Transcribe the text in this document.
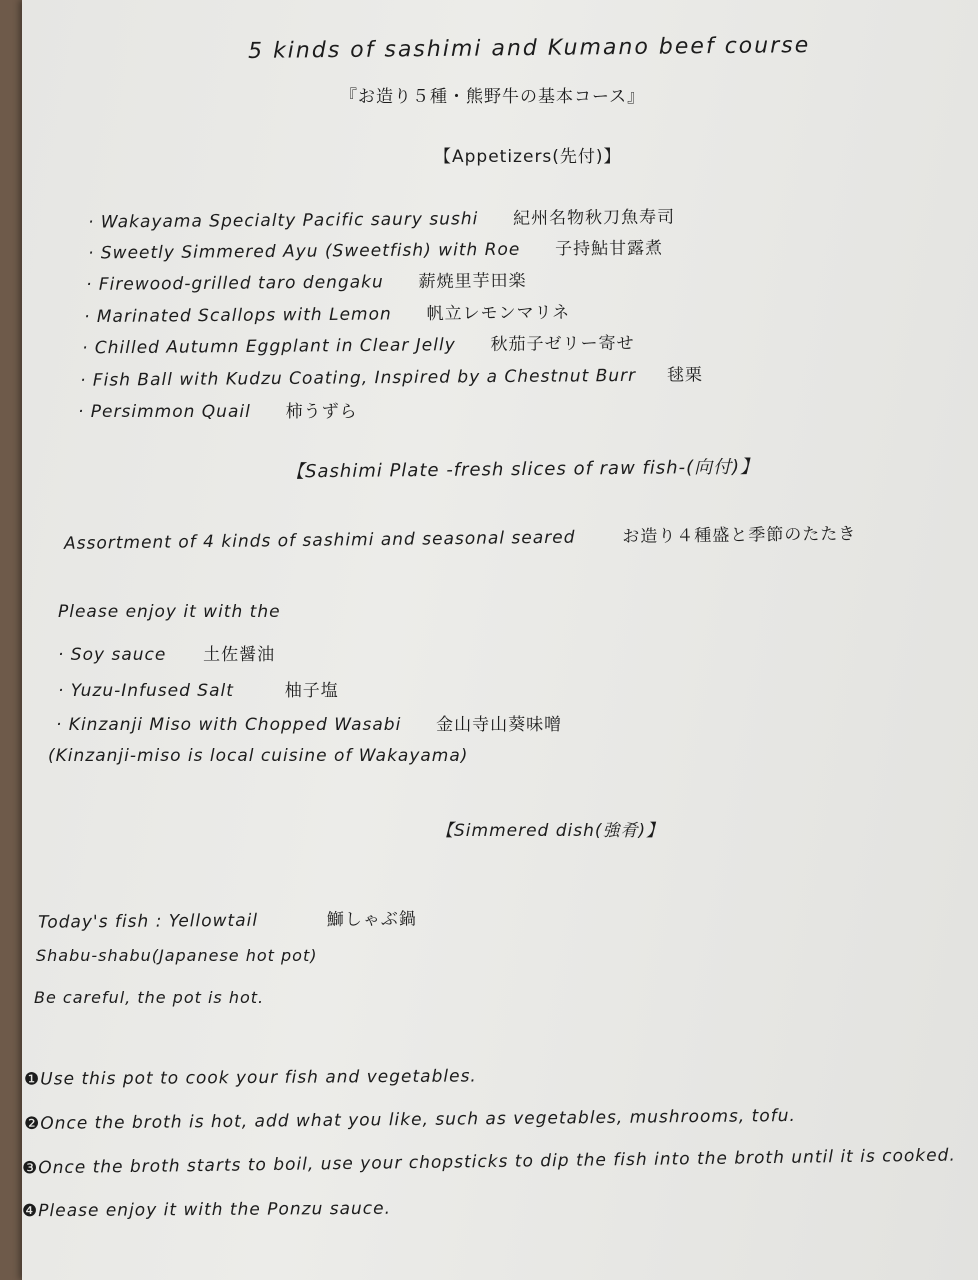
5 kinds of sashimi and Kumano beef course
『お造り５種・熊野牛の基本コース』
【Appetizers(先付)】
· Wakayama Specialty Pacific saury sushi 紀州名物秋刀魚寿司
· Sweetly Simmered Ayu (Sweetfish) with Roe 子持鮎甘露煮
· Firewood-grilled taro dengaku 薪焼里芋田楽
· Marinated Scallops with Lemon 帆立レモンマリネ
· Chilled Autumn Eggplant in Clear Jelly 秋茄子ゼリー寄せ
· Fish Ball with Kudzu Coating, Inspired by a Chestnut Burr 毬栗
· Persimmon Quail 柿うずら
【Sashimi Plate -fresh slices of raw fish-(向付)】
Assortment of 4 kinds of sashimi and seasonal seared	お造り４種盛と季節のたたき
Please enjoy it with the
· Soy sauce 土佐醤油
· Yuzu-Infused Salt	柚子塩
· Kinzanji Miso with Chopped Wasabi 金山寺山葵味噌
(Kinzanji-miso is local cuisine of Wakayama)
【Simmered dish(強肴)】
Today's fish : Yellowtail	鰤しゃぶ鍋
Shabu-shabu(Japanese hot pot)
Be careful, the pot is hot.
❶Use this pot to cook your fish and vegetables.
❷Once the broth is hot, add what you like, such as vegetables, mushrooms, tofu.
❸Once the broth starts to boil, use your chopsticks to dip the fish into the broth until it is cooked.
❹Please enjoy it with the Ponzu sauce.
